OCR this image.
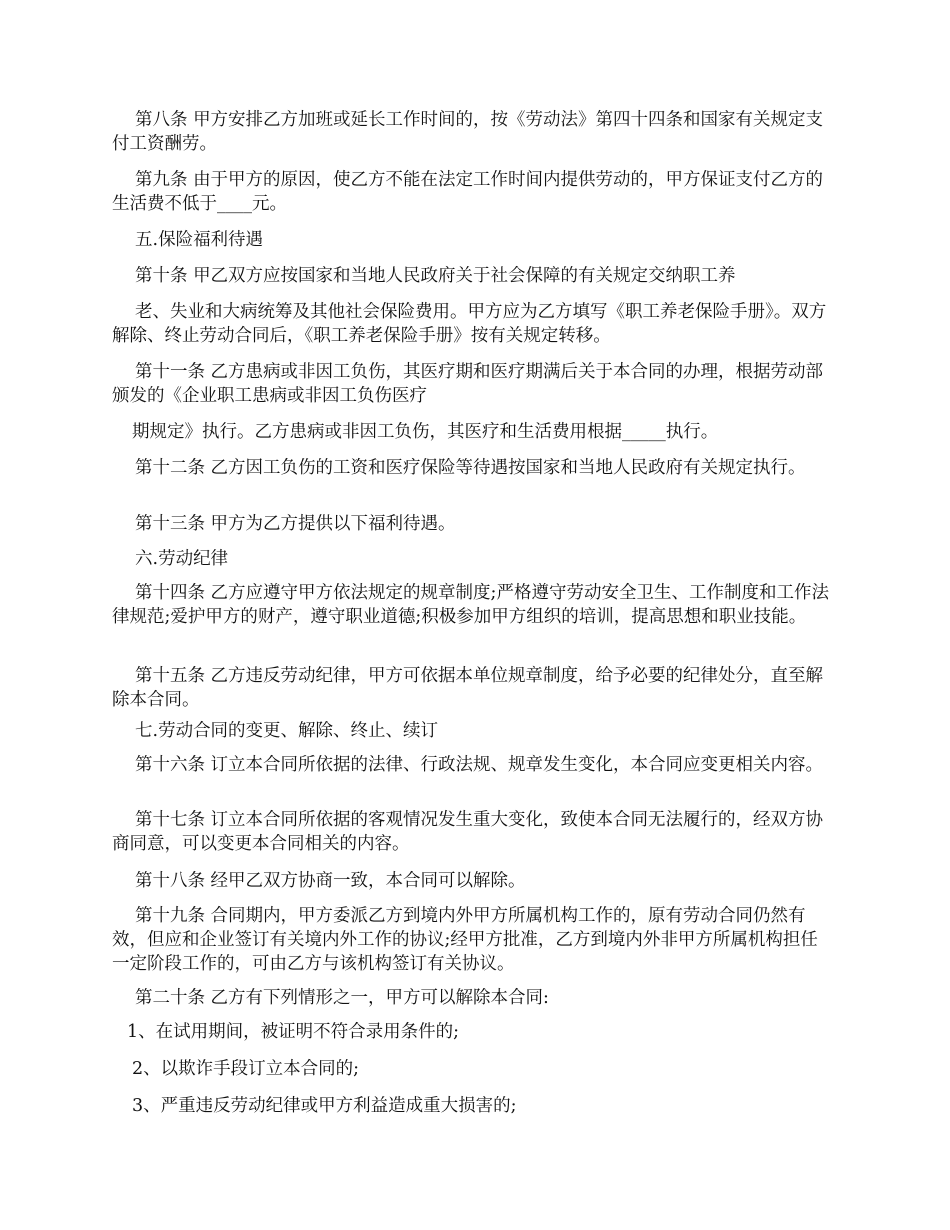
第八条 甲方安排乙方加班或延长工作时间的，按《劳动法》第四十四条和国家有关规定支付工资酬劳。

第九条 由于甲方的原因，使乙方不能在法定工作时间内提供劳动的，甲方保证支付乙方的生活费不低于____元。

五.保险福利待遇

第十条 甲乙双方应按国家和当地人民政府关于社会保障的有关规定交纳职工养

老、失业和大病统筹及其他社会保险费用。甲方应为乙方填写《职工养老保险手册》。双方解除、终止劳动合同后，《职工养老保险手册》按有关规定转移。

第十一条 乙方患病或非因工负伤，其医疗期和医疗期满后关于本合同的办理，根据劳动部颁发的《企业职工患病或非因工负伤医疗

期规定》执行。乙方患病或非因工负伤，其医疗和生活费用根据_____执行。

第十二条 乙方因工负伤的工资和医疗保险等待遇按国家和当地人民政府有关规定执行。

第十三条 甲方为乙方提供以下福利待遇。

六.劳动纪律

第十四条 乙方应遵守甲方依法规定的规章制度;严格遵守劳动安全卫生、工作制度和工作法律规范;爱护甲方的财产，遵守职业道德;积极参加甲方组织的培训，提高思想和职业技能。

第十五条 乙方违反劳动纪律，甲方可依据本单位规章制度，给予必要的纪律处分，直至解除本合同。

七.劳动合同的变更、解除、终止、续订

第十六条 订立本合同所依据的法律、行政法规、规章发生变化，本合同应变更相关内容。

第十七条 订立本合同所依据的客观情况发生重大变化，致使本合同无法履行的，经双方协商同意，可以变更本合同相关的内容。

第十八条 经甲乙双方协商一致，本合同可以解除。

第十九条 合同期内，甲方委派乙方到境内外甲方所属机构工作的，原有劳动合同仍然有效，但应和企业签订有关境内外工作的协议;经甲方批准，乙方到境内外非甲方所属机构担任一定阶段工作的，可由乙方与该机构签订有关协议。

第二十条 乙方有下列情形之一，甲方可以解除本合同:

1、在试用期间，被证明不符合录用条件的;

2、以欺诈手段订立本合同的;

3、严重违反劳动纪律或甲方利益造成重大损害的;
